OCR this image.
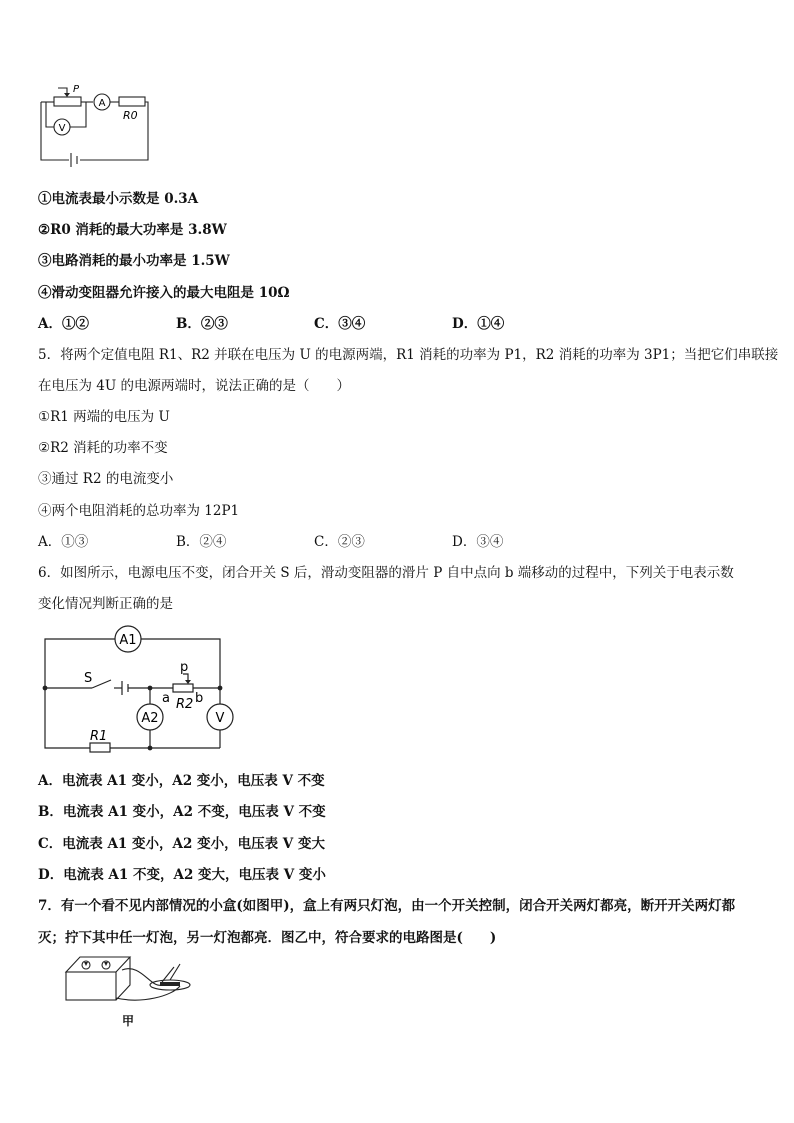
P
A
V
R0
①电流表最小示数是 0.3A
②R0 消耗的最大功率是 3.8W
③电路消耗的最小功率是 1.5W
④滑动变阻器允许接入的最大电阻是 10Ω
A．①②	B．②③	C．③④	D．①④
5．将两个定值电阻 R1、R2 并联在电压为 U 的电源两端，R1 消耗的功率为 P1，R2 消耗的功率为 3P1；当把它们串联接
在电压为 4U 的电源两端时，说法正确的是（　　）
①R1 两端的电压为 U
②R2 消耗的功率不变
③通过 R2 的电流变小
④两个电阻消耗的总功率为 12P1
A．①③	B．②④	C．②③	D．③④
6．如图所示，电源电压不变，闭合开关 S 后，滑动变阻器的滑片 P 自中点向 b 端移动的过程中，下列关于电表示数
变化情况判断正确的是
A1
A2	V
S
p
a b
R2
R1
A．电流表 A1 变小，A2 变小，电压表 V 不变
B．电流表 A1 变小，A2 不变，电压表 V 不变
C．电流表 A1 变小，A2 变小，电压表 V 变大
D．电流表 A1 不变，A2 变大，电压表 V 变小
7．有一个看不见内部情况的小盒(如图甲)，盒上有两只灯泡，由一个开关控制，闭合开关两灯都亮，断开开关两灯都
灭；拧下其中任一灯泡，另一灯泡都亮．图乙中，符合要求的电路图是(　　)
甲
